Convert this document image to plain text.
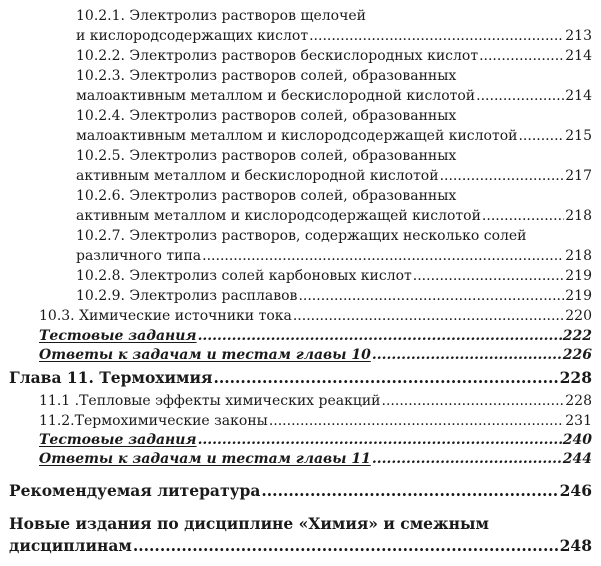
10.2.1. Электролиз растворов щелочей
и кислородсодержащих кислот .....	213
10.2.2. Электролиз растворов бескислородных кислот .....	214
10.2.3. Электролиз растворов солей, образованных
малоактивным металлом и бескислородной кислотой .....	214
10.2.4. Электролиз растворов солей, образованных
малоактивным металлом и кислородсодержащей кислотой .....	215
10.2.5. Электролиз растворов солей, образованных
активным металлом и бескислородной кислотой .....	217
10.2.6. Электролиз растворов солей, образованных
активным металлом и кислородсодержащей кислотой .....	218
10.2.7. Электролиз растворов, содержащих несколько солей
различного типа .....	218
10.2.8. Электролиз солей карбоновых кислот .....	219
10.2.9. Электролиз расплавов .....	219
10.3. Химические источники тока .....	220
Тестовые задания .....	222
Ответы к задачам и тестам главы 10 .....	226
Глава 11. Термохимия .....	228
11.1 .Тепловые эффекты химических реакций .....	228
11.2.Термохимические законы .....	231
Тестовые задания .....	240
Ответы к задачам и тестам главы 11 .....	244
Рекомендуемая литература .....	246
Новые издания по дисциплине «Химия» и смежным
дисциплинам .....	248
